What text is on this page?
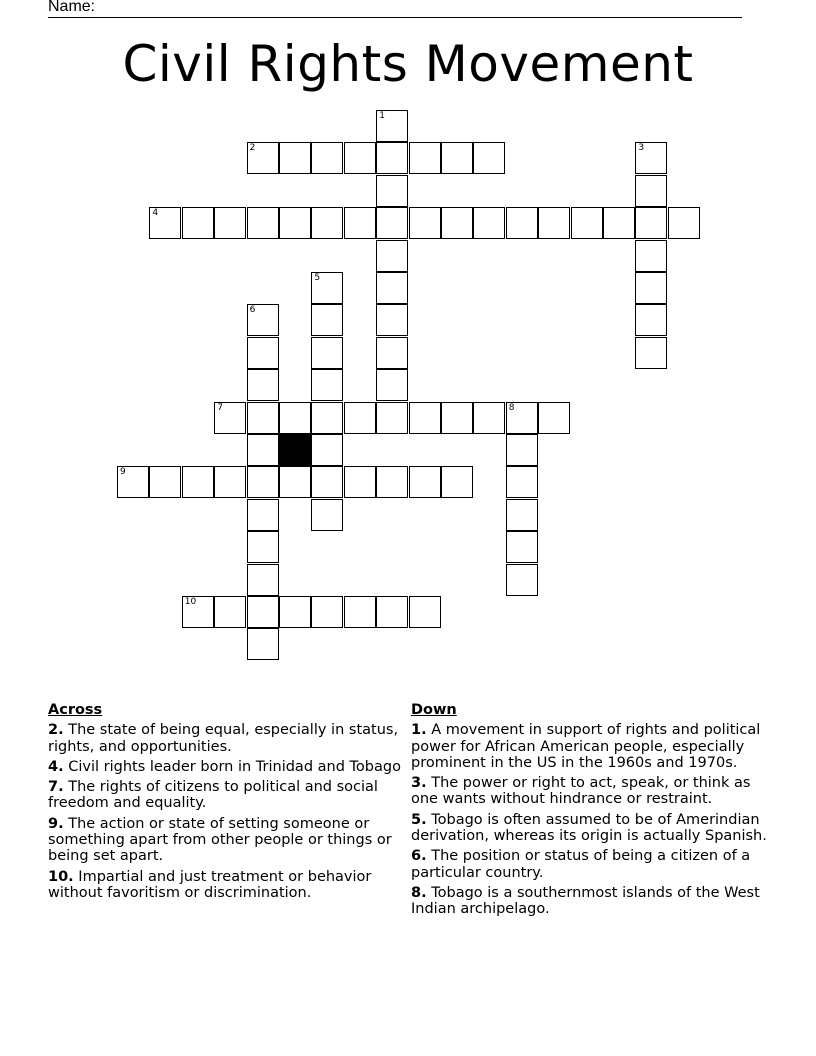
Name:
Civil Rights Movement
2
4
7	8
9
10
1
3
5
6
Across
2. The state of being equal, especially in status, rights, and opportunities.
4. Civil rights leader born in Trinidad and Tobago
7. The rights of citizens to political and social freedom and equality.
9. The action or state of setting someone or something apart from other people or things or being set apart.
10. Impartial and just treatment or behavior without favoritism or discrimination.
Down
1. A movement in support of rights and political power for African American people, especially prominent in the US in the 1960s and 1970s.
3. The power or right to act, speak, or think as one wants without hindrance or restraint.
5. Tobago is often assumed to be of Amerindian derivation, whereas its origin is actually Spanish.
6. The position or status of being a citizen of a particular country.
8. Tobago is a southernmost islands of the West Indian archipelago.
